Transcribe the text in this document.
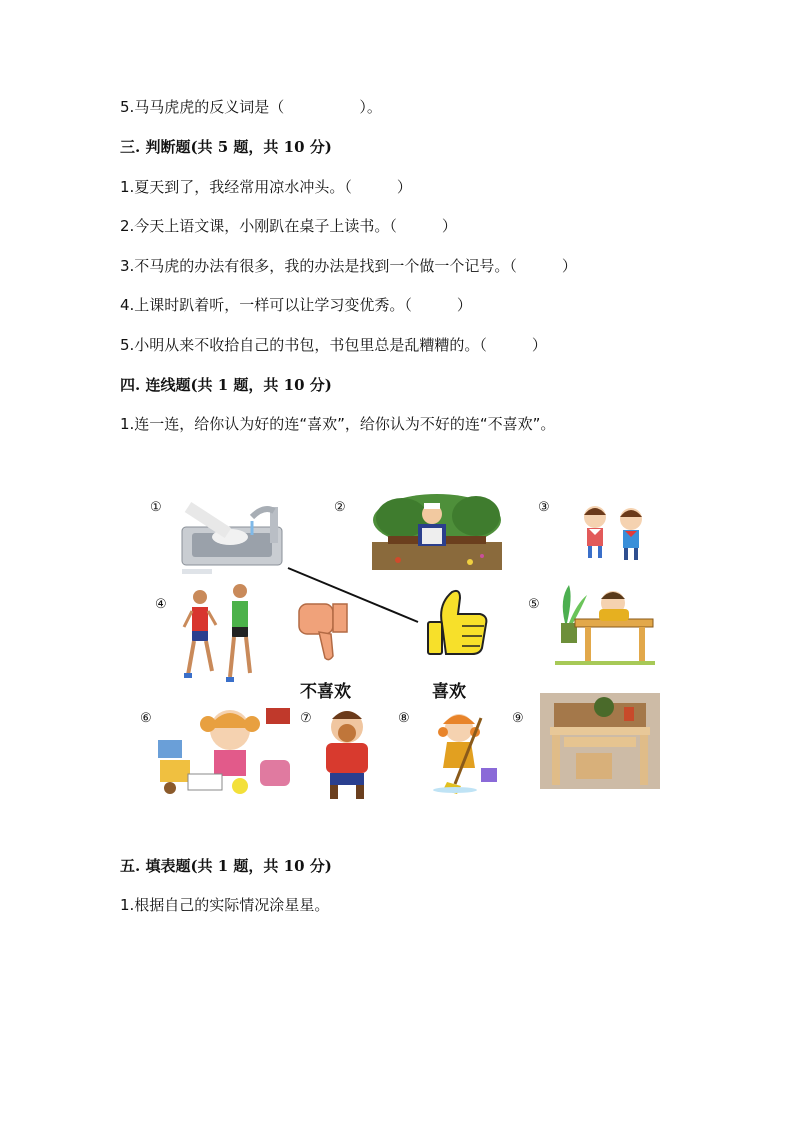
5.马马虎虎的反义词是（　　　　　）。
三. 判断题(共 5 题，共 10 分)
1.夏天到了，我经常用凉水冲头。（　　　）
2.今天上语文课，小刚趴在桌子上读书。（　　　）
3.不马虎的办法有很多，我的办法是找到一个做一个记号。（　　　）
4.上课时趴着听，一样可以让学习变优秀。（　　　）
5.小明从来不收拾自己的书包，书包里总是乱糟糟的。（　　　）
四. 连线题(共 1 题，共 10 分)
1.连一连，给你认为好的连“喜欢”，给你认为不好的连“不喜欢”。
①	②	③
④	⑤
⑥	⑦	⑧	⑨
不喜欢	喜欢
五. 填表题(共 1 题，共 10 分)
1.根据自己的实际情况涂星星。
